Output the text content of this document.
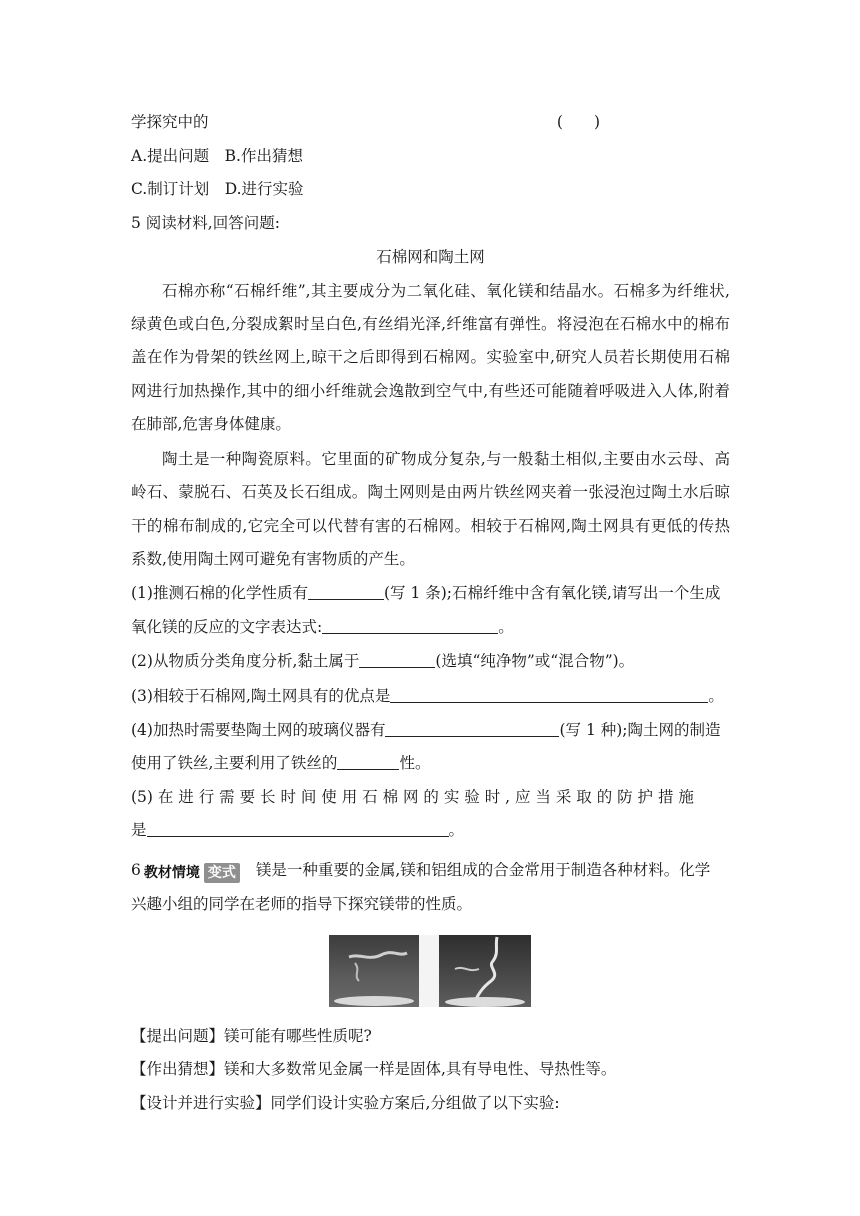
学探究中的	(　　)
A.提出问题　B.作出猜想
C.制订计划　D.进行实验
5 阅读材料,回答问题:
石棉网和陶土网
石棉亦称“石棉纤维”,其主要成分为二氧化硅、氧化镁和结晶水。石棉多为纤维状,
绿黄色或白色,分裂成絮时呈白色,有丝绢光泽,纤维富有弹性。将浸泡在石棉水中的棉布
盖在作为骨架的铁丝网上,晾干之后即得到石棉网。实验室中,研究人员若长期使用石棉
网进行加热操作,其中的细小纤维就会逸散到空气中,有些还可能随着呼吸进入人体,附着
在肺部,危害身体健康。
陶土是一种陶瓷原料。它里面的矿物成分复杂,与一般黏土相似,主要由水云母、高
岭石、蒙脱石、石英及长石组成。陶土网则是由两片铁丝网夹着一张浸泡过陶土水后晾
干的棉布制成的,它完全可以代替有害的石棉网。相较于石棉网,陶土网具有更低的传热
系数,使用陶土网可避免有害物质的产生。
(1)推测石棉的化学性质有	(写 1 条);石棉纤维中含有氧化镁,请写出一个生成
氧化镁的反应的文字表达式:	。
(2)从物质分类角度分析,黏土属于	(选填“纯净物”或“混合物”)。
(3)相较于石棉网,陶土网具有的优点是	。
(4)加热时需要垫陶土网的玻璃仪器有	(写 1 种);陶土网的制造
使用了铁丝,主要利用了铁丝的	性。
(5) 在 进 行 需 要 长 时 间 使 用 石 棉 网 的 实 验 时 , 应 当 采 取 的 防 护 措 施
是	。
6 教材情境 变式 镁是一种重要的金属,镁和铝组成的合金常用于制造各种材料。化学
兴趣小组的同学在老师的指导下探究镁带的性质。
【提出问题】镁可能有哪些性质呢?
【作出猜想】镁和大多数常见金属一样是固体,具有导电性、导热性等。
【设计并进行实验】同学们设计实验方案后,分组做了以下实验:
